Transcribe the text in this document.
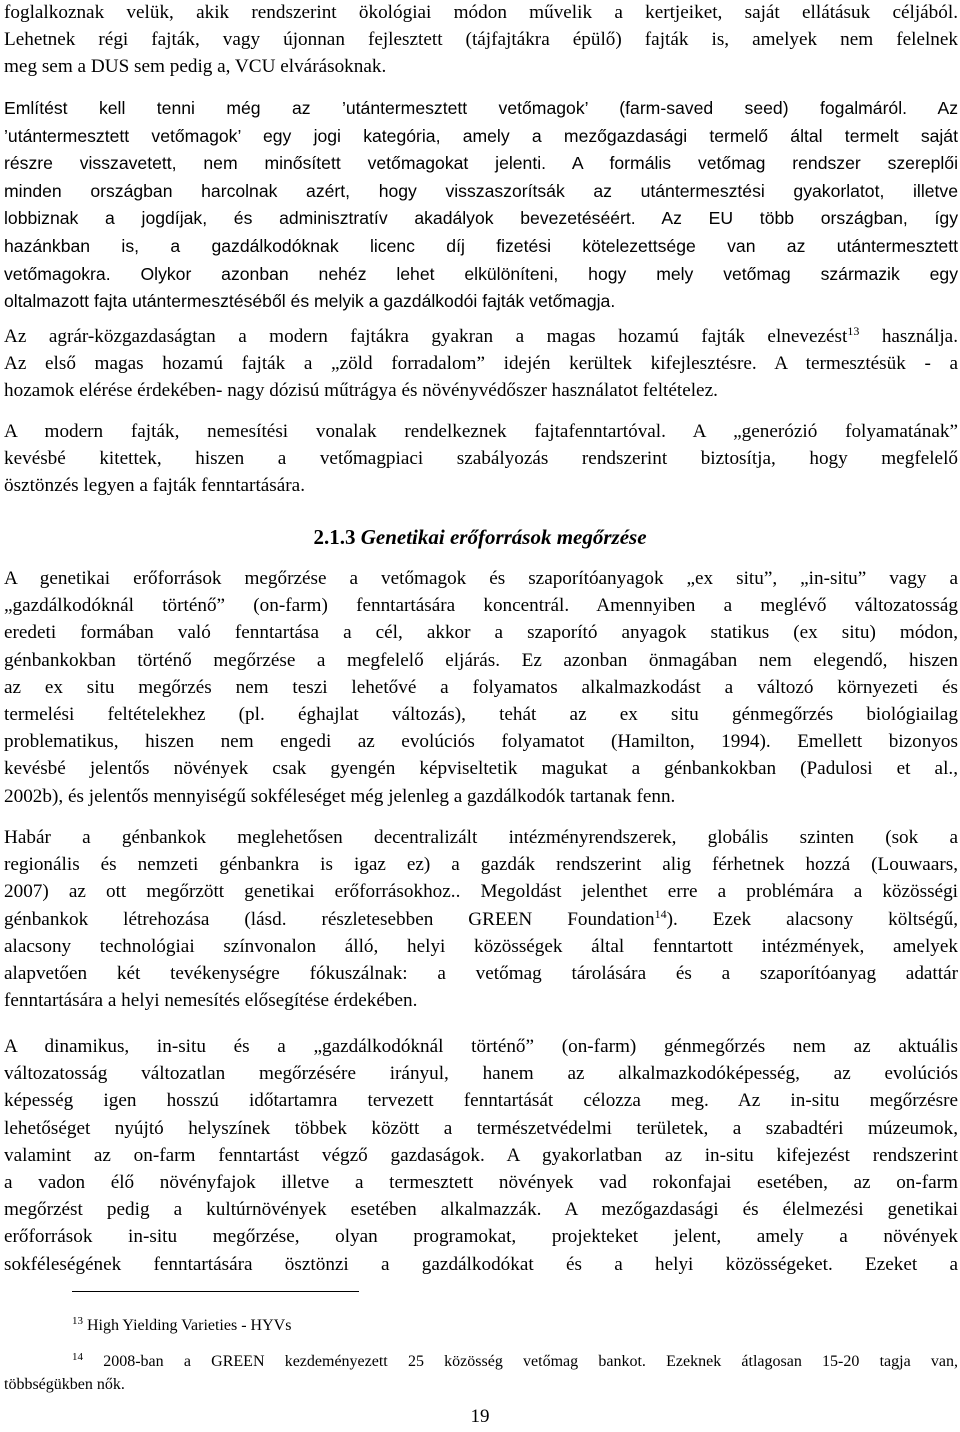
foglalkoznak velük, akik rendszerint ökológiai módon művelik a kertjeiket, saját ellátásuk céljából.
Lehetnek régi fajták, vagy újonnan fejlesztett (tájfajtákra épülő) fajták is, amelyek nem felelnek
meg sem a DUS sem pedig a, VCU elvárásoknak.
Említést kell tenni még az ’utántermesztett vetőmagok’ (farm-saved seed) fogalmáról. Az
’utántermesztett vetőmagok’ egy jogi kategória, amely a mezőgazdasági termelő által termelt saját
részre visszavetett, nem minősített vetőmagokat jelenti. A formális vetőmag rendszer szereplői
minden országban harcolnak azért, hogy visszaszorítsák az utántermesztési gyakorlatot, illetve
lobbiznak a jogdíjak, és adminisztratív akadályok bevezetéséért. Az EU több országban, így
hazánkban is, a gazdálkodóknak licenc díj fizetési kötelezettsége van az utántermesztett
vetőmagokra. Olykor azonban nehéz lehet elkülöníteni, hogy mely vetőmag származik egy
oltalmazott fajta utántermesztéséből és melyik a gazdálkodói fajták vetőmagja.
Az agrár-közgazdaságtan a modern fajtákra gyakran a magas hozamú fajták elnevezést$^{13}$ használja.
Az első magas hozamú fajták a „zöld forradalom” idején kerültek kifejlesztésre. A termesztésük - a
hozamok elérése érdekében- nagy dózisú műtrágya és növényvédőszer használatot feltételez.
A modern fajták, nemesítési vonalak rendelkeznek fajtafenntartóval. A „generózió folyamatának”
kevésbé kitettek, hiszen a vetőmagpiaci szabályozás rendszerint biztosítja, hogy megfelelő
ösztönzés legyen a fajták fenntartására.
2.1.3 Genetikai erőforrások megőrzése
A genetikai erőforrások megőrzése a vetőmagok és szaporítóanyagok „ex situ”, „in-situ” vagy a
„gazdálkodóknál történő” (on-farm) fenntartására koncentrál. Amennyiben a meglévő változatosság
eredeti formában való fenntartása a cél, akkor a szaporító anyagok statikus (ex situ) módon,
génbankokban történő megőrzése a megfelelő eljárás. Ez azonban önmagában nem elegendő, hiszen
az ex situ megőrzés nem teszi lehetővé a folyamatos alkalmazkodást a változó környezeti és
termelési feltételekhez (pl. éghajlat változás), tehát az ex situ génmegőrzés biológiailag
problematikus, hiszen nem engedi az evolúciós folyamatot (Hamilton, 1994). Emellett bizonyos
kevésbé jelentős növények csak gyengén képviseltetik magukat a génbankokban (Padulosi et al.,
2002b), és jelentős mennyiségű sokféleséget még jelenleg a gazdálkodók tartanak fenn.
Habár a génbankok meglehetősen decentralizált intézményrendszerek, globális szinten (sok a
regionális és nemzeti génbankra is igaz ez) a gazdák rendszerint alig férhetnek hozzá (Louwaars,
2007) az ott megőrzött genetikai erőforrásokhoz.. Megoldást jelenthet erre a problémára a közösségi
génbankok létrehozása (lásd. részletesebben GREEN Foundation$^{14}$). Ezek alacsony költségű,
alacsony technológiai színvonalon álló, helyi közösségek által fenntartott intézmények, amelyek
alapvetően két tevékenységre fókuszálnak: a vetőmag tárolására és a szaporítóanyag adattár
fenntartására a helyi nemesítés elősegítése érdekében.
A dinamikus, in-situ és a „gazdálkodóknál történő” (on-farm) génmegőrzés nem az aktuális
változatosság változatlan megőrzésére irányul, hanem az alkalmazkodóképesség, az evolúciós
képesség igen hosszú időtartamra tervezett fenntartását célozza meg. Az in-situ megőrzésre
lehetőséget nyújtó helyszínek többek között a természetvédelmi területek, a szabadtéri múzeumok,
valamint az on-farm fenntartást végző gazdaságok. A gyakorlatban az in-situ kifejezést rendszerint
a vadon élő növényfajok illetve a termesztett növények vad rokonfajai esetében, az on-farm
megőrzést pedig a kultúrnövények esetében alkalmazzák. A mezőgazdasági és élelmezési genetikai
erőforrások in-situ megőrzése, olyan programokat, projekteket jelent, amely a növények
sokféleségének fenntartására ösztönzi a gazdálkodókat és a helyi közösségeket. Ezeket a
$^{13}$ High Yielding Varieties - HYVs
$^{14}$ 2008-ban a GREEN kezdeményezett 25 közösség vetőmag bankot. Ezeknek átlagosan 15-20 tagja van,
többségükben nők.
19
